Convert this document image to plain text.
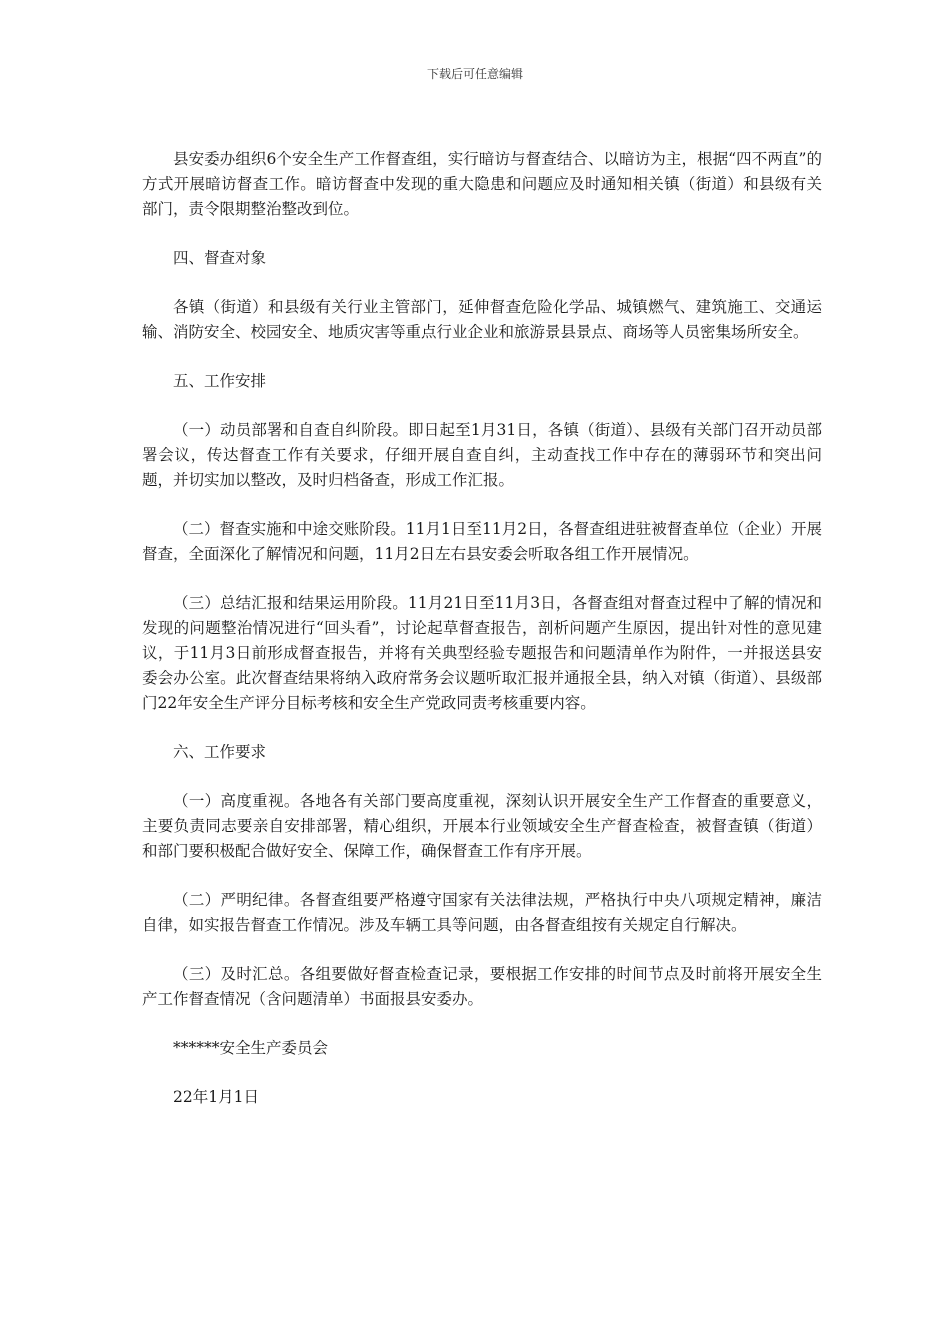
下载后可任意编辑

县安委办组织6个安全生产工作督查组，实行暗访与督查结合、以暗访为主，根据“四不两直”的方式开展暗访督查工作。暗访督查中发现的重大隐患和问题应及时通知相关镇（街道）和县级有关部门，责令限期整治整改到位。

四、督查对象

各镇（街道）和县级有关行业主管部门，延伸督查危险化学品、城镇燃气、建筑施工、交通运输、消防安全、校园安全、地质灾害等重点行业企业和旅游景县景点、商场等人员密集场所安全。

五、工作安排

（一）动员部署和自查自纠阶段。即日起至1月31日，各镇（街道）、县级有关部门召开动员部署会议，传达督查工作有关要求，仔细开展自查自纠，主动查找工作中存在的薄弱环节和突出问题，并切实加以整改，及时归档备查，形成工作汇报。

（二）督查实施和中途交账阶段。11月1日至11月2日，各督查组进驻被督查单位（企业）开展督查，全面深化了解情况和问题，11月2日左右县安委会听取各组工作开展情况。

（三）总结汇报和结果运用阶段。11月21日至11月3日，各督查组对督查过程中了解的情况和发现的问题整治情况进行“回头看”，讨论起草督查报告，剖析问题产生原因，提出针对性的意见建议，于11月3日前形成督查报告，并将有关典型经验专题报告和问题清单作为附件，一并报送县安委会办公室。此次督查结果将纳入政府常务会议题听取汇报并通报全县，纳入对镇（街道）、县级部门22年安全生产评分目标考核和安全生产党政同责考核重要内容。

六、工作要求

（一）高度重视。各地各有关部门要高度重视，深刻认识开展安全生产工作督查的重要意义，主要负责同志要亲自安排部署，精心组织，开展本行业领域安全生产督查检查，被督查镇（街道）和部门要积极配合做好安全、保障工作，确保督查工作有序开展。

（二）严明纪律。各督查组要严格遵守国家有关法律法规，严格执行中央八项规定精神，廉洁自律，如实报告督查工作情况。涉及车辆工具等问题，由各督查组按有关规定自行解决。

（三）及时汇总。各组要做好督查检查记录，要根据工作安排的时间节点及时前将开展安全生产工作督查情况（含问题清单）书面报县安委办。

******安全生产委员会

22年1月1日
